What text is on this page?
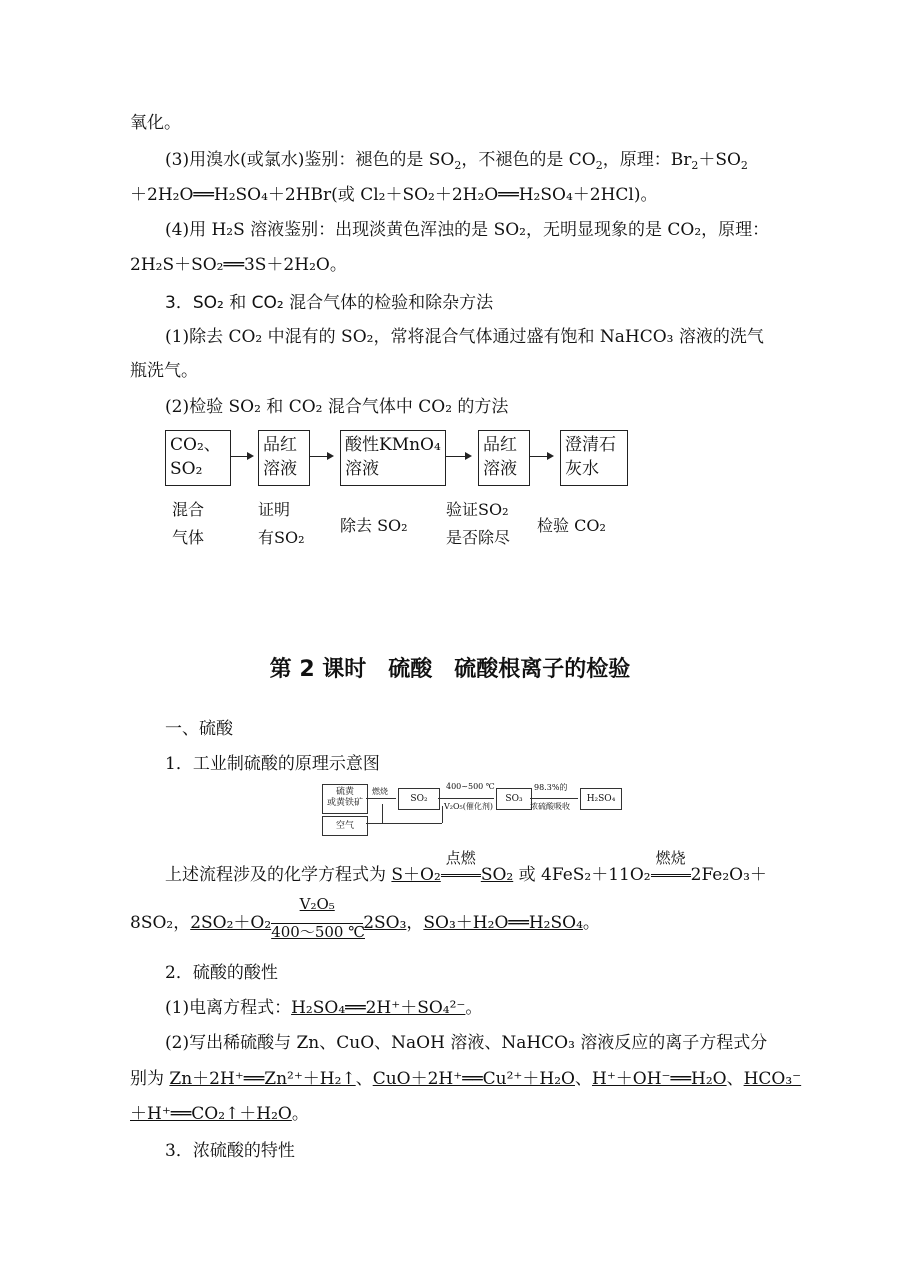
氧化。
(3)用溴水(或氯水)鉴别：褪色的是 $SO_2$，不褪色的是 $CO_2$，原理：$Br_2+SO_2$
＋2H₂O══H₂SO₄＋2HBr(或 Cl₂＋SO₂＋2H₂O══H₂SO₄＋2HCl)。
(4)用 H₂S 溶液鉴别：出现淡黄色浑浊的是 SO₂，无明显现象的是 CO₂，原理：
2H₂S＋SO₂══3S＋2H₂O。
3．SO₂ 和 CO₂ 混合气体的检验和除杂方法
(1)除去 CO₂ 中混有的 SO₂，常将混合气体通过盛有饱和 NaHCO₃ 溶液的洗气
瓶洗气。
(2)检验 SO₂ 和 CO₂ 混合气体中 CO₂ 的方法
CO₂、
SO₂
品红
溶液
酸性KMnO₄
溶液
品红
溶液
澄清石
灰水
混合
气体
证明
有SO₂
除去 SO₂
验证SO₂
是否除尽
检验 CO₂
第 2 课时　硫酸　硫酸根离子的检验
一、硫酸
1．工业制硫酸的原理示意图
硫黄
或黄铁矿
燃烧
SO₂
400~500 ℃
V₂O₅(催化剂)
SO₃
98.3%的
浓硫酸吸收
H₂SO₄
空气
上述流程涉及的化学方程式为 S＋O₂
点燃
SO₂ 或 4FeS₂＋11O₂
燃烧
2Fe₂O₃＋
8SO₂，$2SO_2+O_2 \frac{\text{V₂O₅}}{400\sim 500 ℃} 2SO_3$，SO₃＋H₂O══H₂SO₄。
2．硫酸的酸性
(1)电离方程式：H₂SO₄══2H⁺＋SO₄²⁻。
(2)写出稀硫酸与 Zn、CuO、NaOH 溶液、NaHCO₃ 溶液反应的离子方程式分
别为 Zn＋2H⁺══Zn²⁺＋H₂↑、CuO＋2H⁺══Cu²⁺＋H₂O、H⁺＋OH⁻══H₂O、HCO₃⁻
＋H⁺══CO₂↑＋H₂O。
3．浓硫酸的特性
